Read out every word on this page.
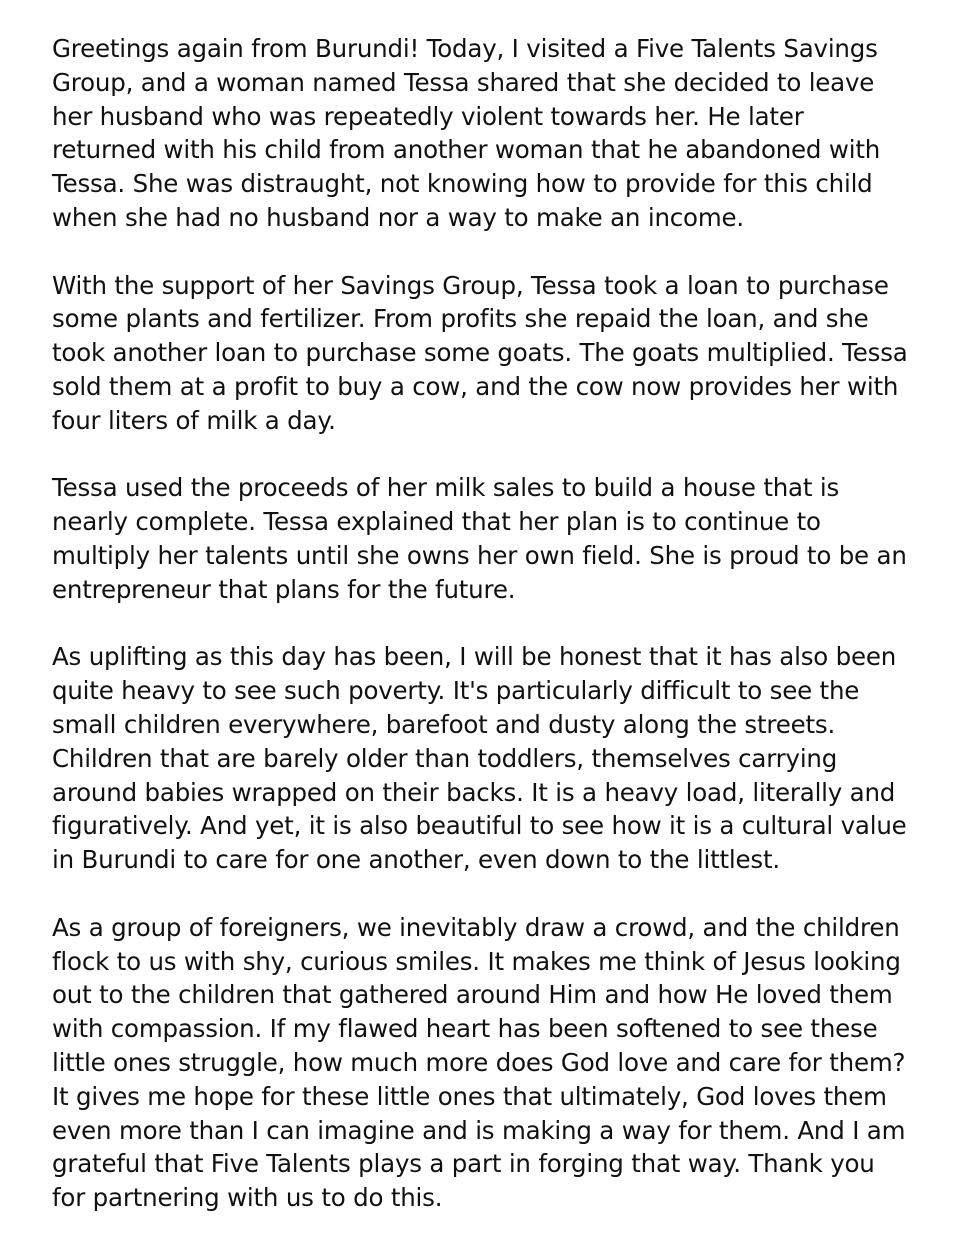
Greetings again from Burundi! Today, I visited a Five Talents Savings
Group, and a woman named Tessa shared that she decided to leave
her husband who was repeatedly violent towards her. He later
returned with his child from another woman that he abandoned with
Tessa. She was distraught, not knowing how to provide for this child
when she had no husband nor a way to make an income.
With the support of her Savings Group, Tessa took a loan to purchase
some plants and fertilizer. From profits she repaid the loan, and she
took another loan to purchase some goats. The goats multiplied. Tessa
sold them at a profit to buy a cow, and the cow now provides her with
four liters of milk a day.
Tessa used the proceeds of her milk sales to build a house that is
nearly complete. Tessa explained that her plan is to continue to
multiply her talents until she owns her own field. She is proud to be an
entrepreneur that plans for the future.
As uplifting as this day has been, I will be honest that it has also been
quite heavy to see such poverty. It's particularly difficult to see the
small children everywhere, barefoot and dusty along the streets.
Children that are barely older than toddlers, themselves carrying
around babies wrapped on their backs. It is a heavy load, literally and
figuratively. And yet, it is also beautiful to see how it is a cultural value
in Burundi to care for one another, even down to the littlest.
As a group of foreigners, we inevitably draw a crowd, and the children
flock to us with shy, curious smiles. It makes me think of Jesus looking
out to the children that gathered around Him and how He loved them
with compassion. If my flawed heart has been softened to see these
little ones struggle, how much more does God love and care for them?
It gives me hope for these little ones that ultimately, God loves them
even more than I can imagine and is making a way for them. And I am
grateful that Five Talents plays a part in forging that way. Thank you
for partnering with us to do this.
